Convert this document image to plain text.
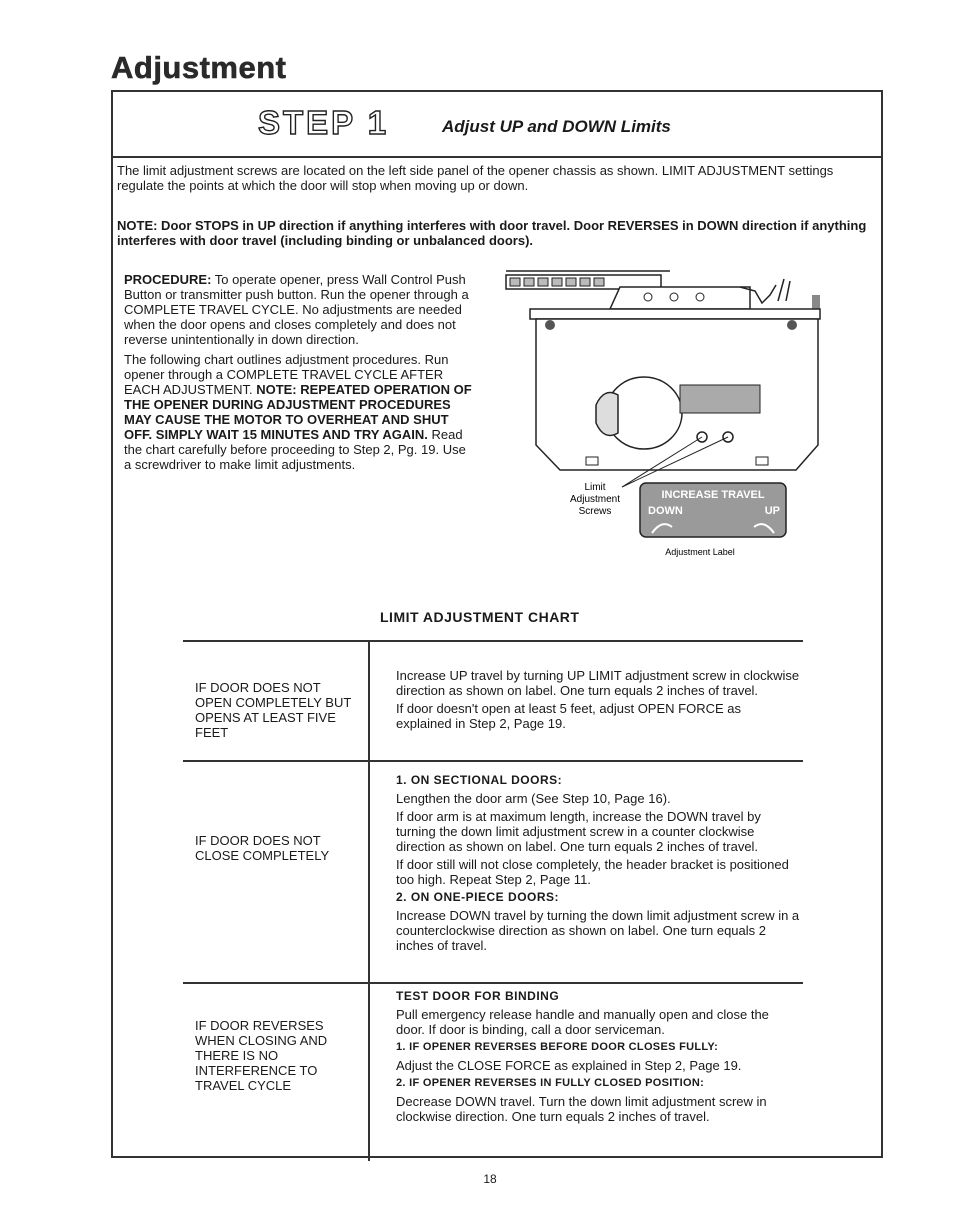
Adjustment
STEP 1	Adjust UP and DOWN Limits
The limit adjustment screws are located on the left side panel of the opener chassis as shown. LIMIT ADJUSTMENT settings regulate the points at which the door will stop when moving up or down.
NOTE: Door STOPS in UP direction if anything interferes with door travel. Door REVERSES in DOWN direction if anything interferes with door travel (including binding or unbalanced doors).

PROCEDURE: To operate opener, press Wall Control Push Button or transmitter push button. Run the opener through a COMPLETE TRAVEL CYCLE. No adjustments are needed when the door opens and closes completely and does not reverse unintentionally in down direction.

The following chart outlines adjustment procedures. Run opener through a COMPLETE TRAVEL CYCLE AFTER EACH ADJUSTMENT. NOTE: REPEATED OPERATION OF THE OPENER DURING ADJUSTMENT PROCEDURES MAY CAUSE THE MOTOR TO OVERHEAT AND SHUT OFF. SIMPLY WAIT 15 MINUTES AND TRY AGAIN. Read the chart carefully before proceeding to Step 2, Pg. 19. Use a screwdriver to make limit adjustments.

Limit
Adjustment
Screws
INCREASE TRAVEL
DOWN	UP
Adjustment Label
LIMIT ADJUSTMENT CHART
IF DOOR DOES NOT OPEN COMPLETELY BUT OPENS AT LEAST FIVE FEET

Increase UP travel by turning UP LIMIT adjustment screw in clockwise direction as shown on label. One turn equals 2 inches of travel.

If door doesn't open at least 5 feet, adjust OPEN FORCE as explained in Step 2, Page 19.

IF DOOR DOES NOT CLOSE COMPLETELY

1. ON SECTIONAL DOORS:

Lengthen the door arm (See Step 10, Page 16).

If door arm is at maximum length, increase the DOWN travel by turning the down limit adjustment screw in a counter clockwise direction as shown on label. One turn equals 2 inches of travel.

If door still will not close completely, the header bracket is positioned too high. Repeat Step 2, Page 11.

2. ON ONE-PIECE DOORS:

Increase DOWN travel by turning the down limit adjustment screw in a counterclockwise direction as shown on label. One turn equals 2 inches of travel.

IF DOOR REVERSES WHEN CLOSING AND THERE IS NO INTERFERENCE TO TRAVEL CYCLE

TEST DOOR FOR BINDING

Pull emergency release handle and manually open and close the door. If door is binding, call a door serviceman.

1. IF OPENER REVERSES BEFORE DOOR CLOSES FULLY:

Adjust the CLOSE FORCE as explained in Step 2, Page 19.

2. IF OPENER REVERSES IN FULLY CLOSED POSITION:

Decrease DOWN travel. Turn the down limit adjustment screw in clockwise direction. One turn equals 2 inches of travel.

18
